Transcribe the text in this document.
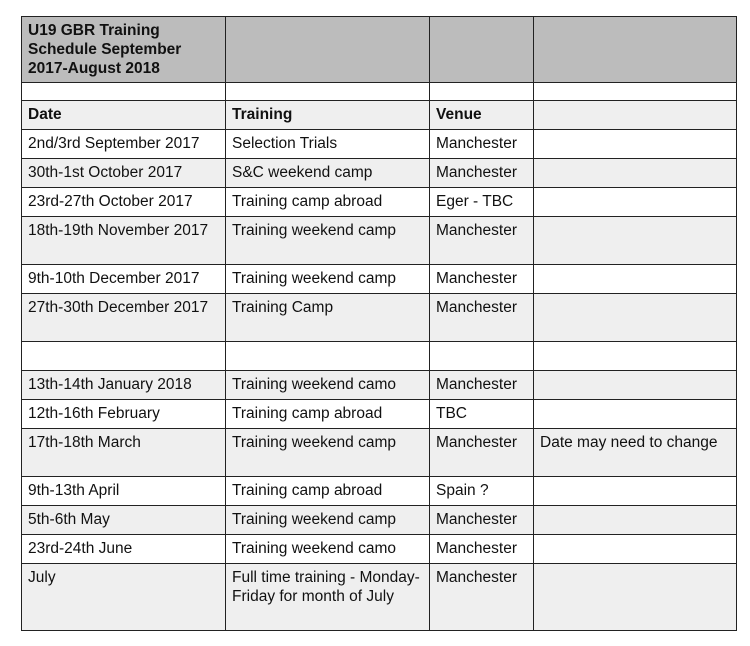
U19 GBR Training Schedule September 2017-August 2018			

Date	Training	Venue	
2nd/3rd September 2017	Selection Trials	Manchester	
30th-1st October 2017	S&C weekend camp	Manchester	
23rd-27th October 2017	Training camp abroad	Eger - TBC	
18th-19th November 2017	Training weekend camp	Manchester	
9th-10th December 2017	Training weekend camp	Manchester	
27th-30th December 2017	Training Camp	Manchester	

13th-14th January 2018	Training weekend camo	Manchester	
12th-16th February	Training camp abroad	TBC	
17th-18th March	Training weekend camp	Manchester	Date may need to change
9th-13th April	Training camp abroad	Spain ?	
5th-6th May	Training weekend camp	Manchester	
23rd-24th June	Training weekend camo	Manchester	
July	Full time training - Monday-Friday for month of July	Manchester	
